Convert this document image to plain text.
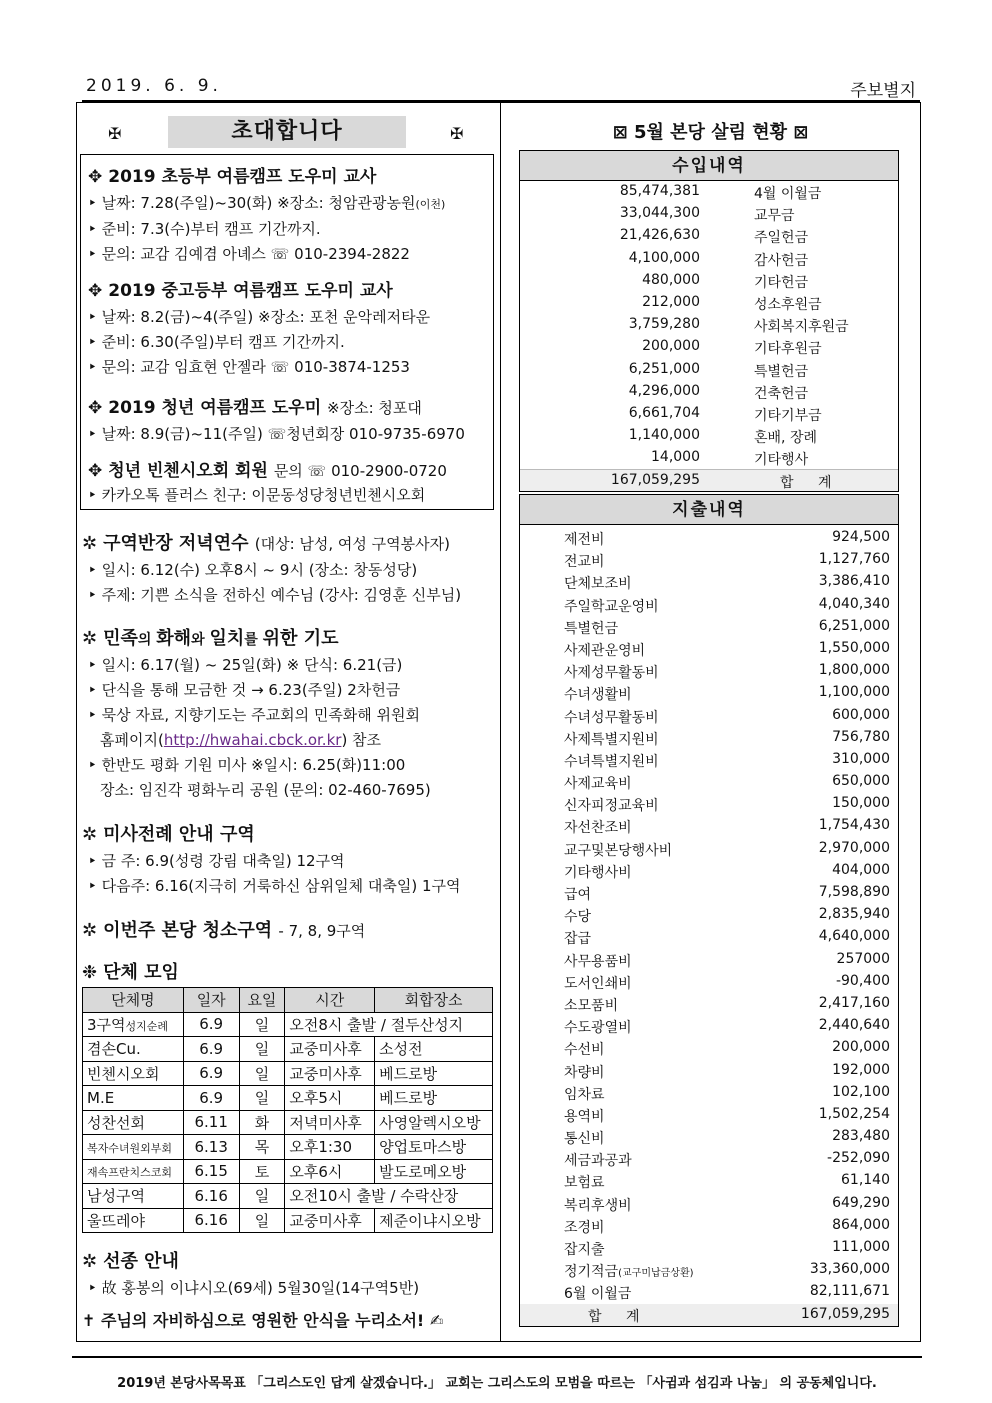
2019. 6. 9.	주보별지
✠	초대합니다	✠
✥ 2019 초등부 여름캠프 도우미 교사
‣ 날짜: 7.28(주일)~30(화) ※장소: 청암관광농원(이천)
‣ 준비: 7.3(수)부터 캠프 기간까지.
‣ 문의: 교감 김예겸 아녜스 ☏ 010-2394-2822
✥ 2019 중고등부 여름캠프 도우미 교사
‣ 날짜: 8.2(금)~4(주일) ※장소: 포천 운악레저타운
‣ 준비: 6.30(주일)부터 캠프 기간까지.
‣ 문의: 교감 임효현 안젤라 ☏ 010-3874-1253
✥ 2019 청년 여름캠프 도우미 ※장소: 청포대
‣ 날짜: 8.9(금)~11(주일) ☏청년회장 010-9735-6970
✥ 청년 빈첸시오회 회원 문의 ☏ 010-2900-0720
‣ 카카오톡 플러스 친구: 이문동성당청년빈첸시오회
✲ 구역반장 저녁연수 (대상: 남성, 여성 구역봉사자)
‣ 일시: 6.12(수) 오후8시 ~ 9시 (장소: 창동성당)
‣ 주제: 기쁜 소식을 전하신 예수님 (강사: 김영훈 신부님)
✲ 민족의 화해와 일치를 위한 기도
‣ 일시: 6.17(월) ~ 25일(화) ※ 단식: 6.21(금)
‣ 단식을 통해 모금한 것 → 6.23(주일) 2차헌금
‣ 묵상 자료, 지향기도는 주교회의 민족화해 위원회
홈페이지(http://hwahai.cbck.or.kr) 참조
‣ 한반도 평화 기원 미사 ※일시: 6.25(화)11:00
장소: 임진각 평화누리 공원 (문의: 02-460-7695)
✲ 미사전례 안내 구역
‣ 금 주: 6.9(성령 강림 대축일) 12구역
‣ 다음주: 6.16(지극히 거룩하신 삼위일체 대축일) 1구역
✲ 이번주 본당 청소구역 - 7, 8, 9구역
❉ 단체 모임
단체명	일자	요일	시간	회합장소
3구역성지순례	6.9	일	오전8시 출발 / 절두산성지	
겸손Cu.	6.9	일	교중미사후	소성전
빈첸시오회	6.9	일	교중미사후	베드로방
M.E	6.9	일	오후5시	베드로방
성찬선회	6.11	화	저녁미사후	사영알렉시오방
복자수녀원외부회	6.13	목	오후1:30	양업토마스방
재속프란치스코회	6.15	토	오후6시	발도로메오방
남성구역	6.16	일	오전10시 출발 / 수락산장	
울뜨레야	6.16	일	교중미사후	제준이냐시오방
✲ 선종 안내
‣ 故 홍봉의 이냐시오(69세) 5월30일(14구역5반)
✝ 주님의 자비하심으로 영원한 안식을 누리소서! ✍
⊠ 5월 본당 살림 현황 ⊠
수입내역
85,474,381	4월 이월금
33,044,300	교무금
21,426,630	주일헌금
4,100,000	감사헌금
480,000	기타헌금
212,000	성소후원금
3,759,280	사회복지후원금
200,000	기타후원금
6,251,000	특별헌금
4,296,000	건축헌금
6,661,704	기타기부금
1,140,000	혼배, 장례
14,000	기타행사
167,059,295	합 계
지출내역
제전비	924,500
전교비	1,127,760
단체보조비	3,386,410
주일학교운영비	4,040,340
특별헌금	6,251,000
사제관운영비	1,550,000
사제성무활동비	1,800,000
수녀생활비	1,100,000
수녀성무활동비	600,000
사제특별지원비	756,780
수녀특별지원비	310,000
사제교육비	650,000
신자피정교육비	150,000
자선찬조비	1,754,430
교구및본당행사비	2,970,000
기타행사비	404,000
급여	7,598,890
수당	2,835,940
잡급	4,640,000
사무용품비	257000
도서인쇄비	-90,400
소모품비	2,417,160
수도광열비	2,440,640
수선비	200,000
차량비	192,000
임차료	102,100
용역비	1,502,254
통신비	283,480
세금과공과	-252,090
보험료	61,140
복리후생비	649,290
조경비	864,000
잡지출	111,000
정기적금(교구미납금상환)	33,360,000
6월 이월금	82,111,671
합 계	167,059,295
2019년 본당사목목표 「그리스도인 답게 살겠습니다.」 교회는 그리스도의 모범을 따르는 「사귐과 섬김과 나눔」 의 공동체입니다.
